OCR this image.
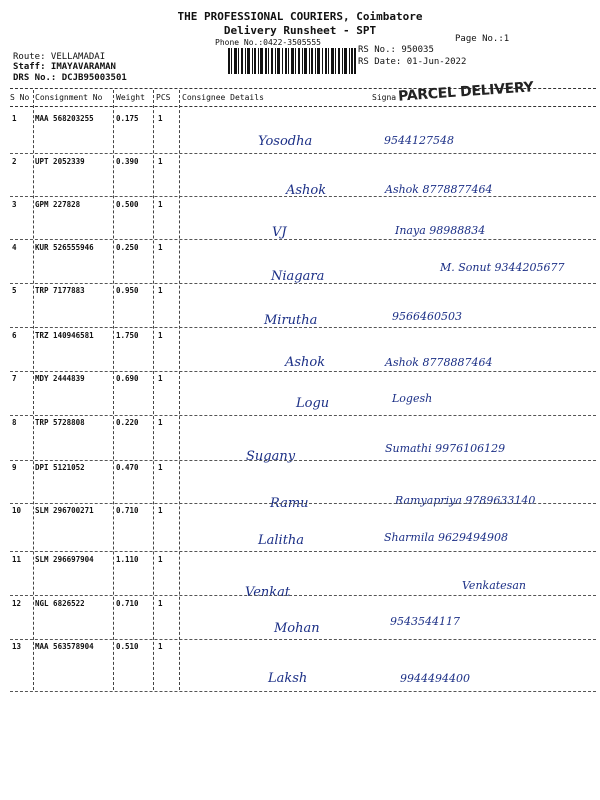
THE PROFESSIONAL COURIERS, Coimbatore
Delivery Runsheet - SPT
Phone No.:0422-3505555	Page No.:1
RS No.: 950035
RS Date: 01-Jun-2022
Route: VELLAMADAI
Staff: IMAYAVARAMAN
DRS No.: DCJB95003501
S No Consignment No Weight PCS Consignee Details	Signa PARCEL DELIVERY
1 MAA 568203255	0.175	1
Yosodha	9544127548
2 UPT 2052339	0.390	1
Ashok	Ashok 8778877464
3 GPM 227828	0.500	1
VJ	Inaya 98988834
4 KUR 526555946	0.250	1
Niagara
M. Sonut 9344205677
5 TRP 7177883	0.950	1
Mirutha	9566460503
6 TRZ 140946581	1.750	1
Ashok	Ashok 8778887464
7 MDY 2444839	0.690	1
Logu	Logesh
8 TRP 5728808	0.220	1
Sugany
Sumathi 9976106129
9 DPI 5121052	0.470	1
Ramu	Ramyapriya 9789633140
10 SLM 296700271	0.710	1
Lalitha	Sharmila 9629494908
11 SLM 296697904	1.110	1
Venkat	Venkatesan
12 NGL 6826522	0.710	1
Mohan	9543544117
13 MAA 563578904	0.510	1
Laksh	9944494400
